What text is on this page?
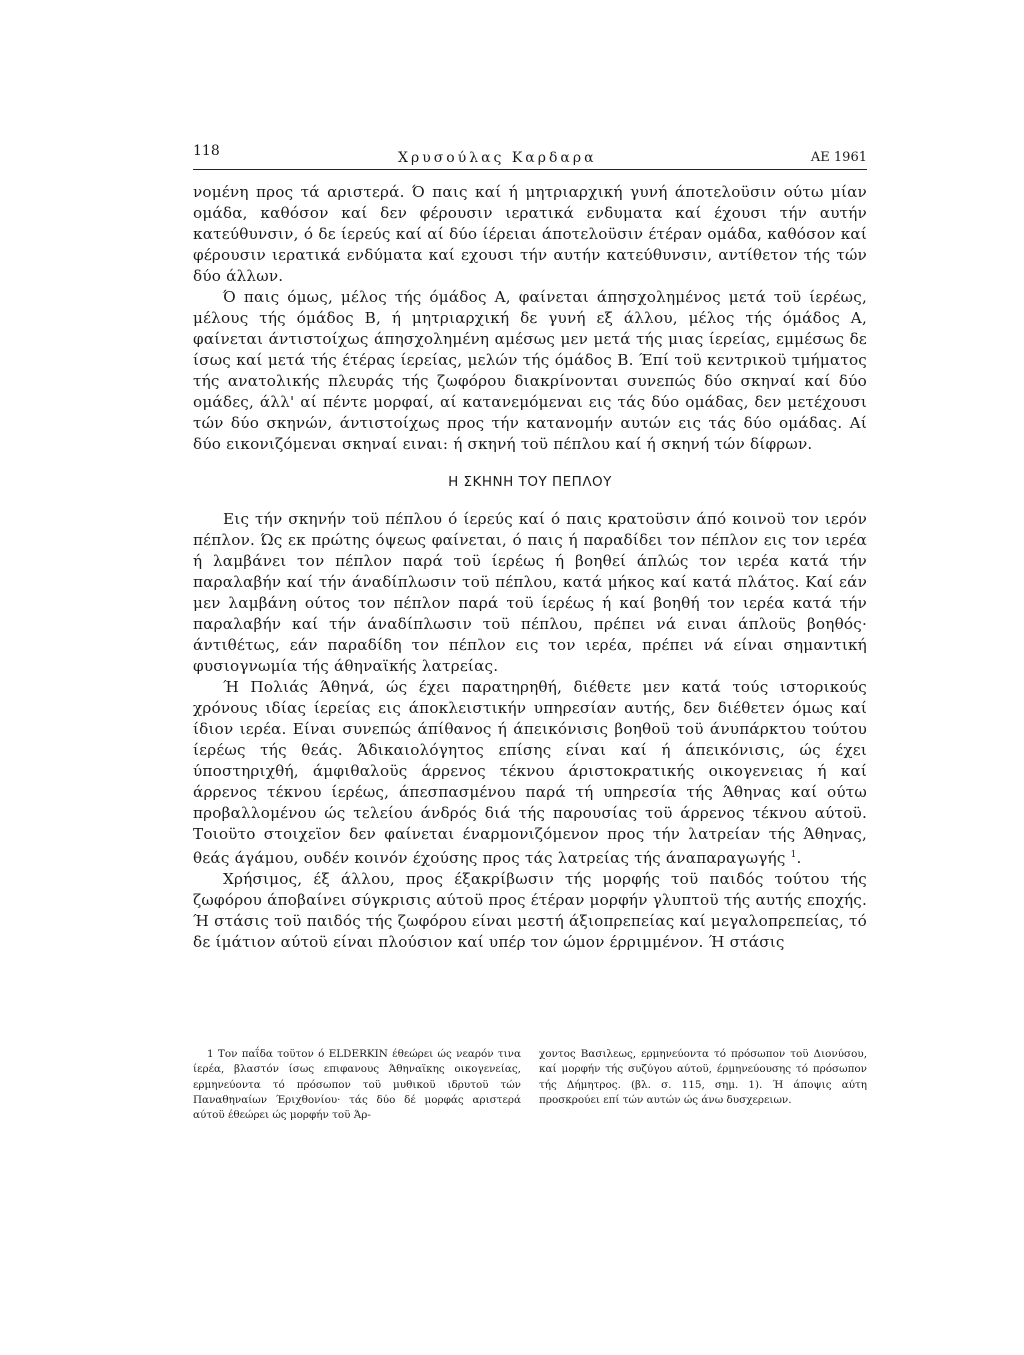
118	Χρυσούλας Καρδαρα	ΑΕ 1961

νομένη προς τά αριστερά. Ό παις καί ή μητριαρχική γυνή άποτελοϋσιν ούτω μίαν ομάδα, καθόσον καί δεν φέρουσιν ιερατικά ενδυματα καί έχουσι τήν αυτήν κατεύθυνσιν, ό δε ίερεύς καί αί δύο ίέρειαι άποτελοϋσιν έτέραν ομάδα, καθόσον καί φέρουσιν ιερατικά ενδύματα καί εχουσι τήν αυτήν κατεύθυνσιν, αντίθετον τής τών δύο άλλων.

Ό παις όμως, μέλος τής όμάδος Α, φαίνεται άπησχολημένος μετά τοϋ ίερέως, μέλους τής όμάδος Β, ή μητριαρχική δε γυνή εξ άλλου, μέλος τής όμάδος Α, φαίνεται άντιστοίχως άπησχολημένη αμέσως μεν μετά τής μιας ίερείας, εμμέσως δε ίσως καί μετά τής έτέρας ίερείας, μελών τής όμάδος Β. Έπί τοϋ κεντρικοϋ τμήματος τής ανατολικής πλευράς τής ζωφόρου διακρίνονται συνεπώς δύο σκηναί καί δύο ομάδες, άλλ' αί πέντε μορφαί, αί κατανεμόμεναι εις τάς δύο ομάδας, δεν μετέχουσι τών δύο σκηνών, άντιστοίχως προς τήν κατανομήν αυτών εις τάς δύο ομάδας. Αί δύο εικονιζόμεναι σκηναί ειναι: ή σκηνή τοϋ πέπλου καί ή σκηνή τών δίφρων.

Η ΣΚΗΝΗ ΤΟΥ ΠΕΠΛΟΥ

Εις τήν σκηνήν τοϋ πέπλου ό ίερεύς καί ό παις κρατοϋσιν άπό κοινοϋ τον ιερόν πέπλον. Ώς εκ πρώτης όψεως φαίνεται, ό παις ή παραδίδει τον πέπλον εις τον ιερέα ή λαμβάνει τον πέπλον παρά τοϋ ίερέως ή βοηθεί άπλώς τον ιερέα κατά τήν παραλαβήν καί τήν άναδίπλωσιν τοϋ πέπλου, κατά μήκος καί κατά πλάτος. Καί εάν μεν λαμβάνη ούτος τον πέπλον παρά τοϋ ίερέως ή καί βοηθή τον ιερέα κατά τήν παραλαβήν καί τήν άναδίπλωσιν τοϋ πέπλου, πρέπει νά ειναι άπλοϋς βοηθός· άντιθέτως, εάν παραδίδη τον πέπλον εις τον ιερέα, πρέπει νά είναι σημαντική φυσιογνωμία τής άθηναϊκής λατρείας.

Ή Πολιάς Άθηνά, ώς έχει παρατηρηθή, διέθετε μεν κατά τούς ιστορικούς χρόνους ιδίας ίερείας εις άποκλειστικήν υπηρεσίαν αυτής, δεν διέθετεν όμως καί ίδιον ιερέα. Είναι συνεπώς άπίθανος ή άπεικόνισις βοηθοϋ τοϋ άνυπάρκτου τούτου ίερέως τής θεάς. Άδικαιολόγητος επίσης είναι καί ή άπεικόνισις, ώς έχει ύποστηριχθή, άμφιθαλοϋς άρρενος τέκνου άριστοκρατικής οικογενειας ή καί άρρενος τέκνου ίερέως, άπεσπασμένου παρά τή υπηρεσία τής Άθηνας καί ούτω προβαλλομένου ώς τελείου άνδρός διά τής παρουσίας τοϋ άρρενος τέκνου αύτοϋ. Τοιοϋτο στοιχεϊον δεν φαίνεται έναρμονιζόμενον προς τήν λατρείαν τής Άθηνας, θεάς άγάμου, ουδέν κοινόν έχούσης προς τάς λατρείας τής άναπαραγωγής $^1$.

Χρήσιμος, έξ άλλου, προς έξακρίβωσιν τής μορφής τοϋ παιδός τούτου τής ζωφόρου άποβαίνει σύγκρισις αύτοϋ προς έτέραν μορφήν γλυπτοϋ τής αυτής εποχής. Ή στάσις τοϋ παιδός τής ζωφόρου είναι μεστή άξιοπρεπείας καί μεγαλοπρεπείας, τό δε ίμάτιον αύτοϋ είναι πλούσιον καί υπέρ τον ώμον έρριμμένον. Ή στάσις

1 Τον παΐδα τοϋτον ό ELDERKIN έθεώρει ώς νεαρόν τινα ίερέα, βλαστόν ίσως επιφανους Άθηναϊκης οικογενείας, ερμηνεύοντα τό πρόσωπον τοϋ μυθικοϋ ιδρυτοϋ τών Παναθηναίων Έριχθονίου· τάς δύο δέ μορφάς αριστερά αύτοϋ έθεώρει ώς μορφήν τοϋ Άρ-
χοντος Βασιλεως, ερμηνεύοντα τό πρόσωπον τοϋ Διονύσου, καί μορφήν τής συζύγου αύτοϋ, έρμηνεύουσης τό πρόσωπον τής Δήμητρος. (βλ. σ. 115, σημ. 1). Ή άποψις αύτη προσκρούει επί τών αυτών ώς άνω δυσχερειων.
